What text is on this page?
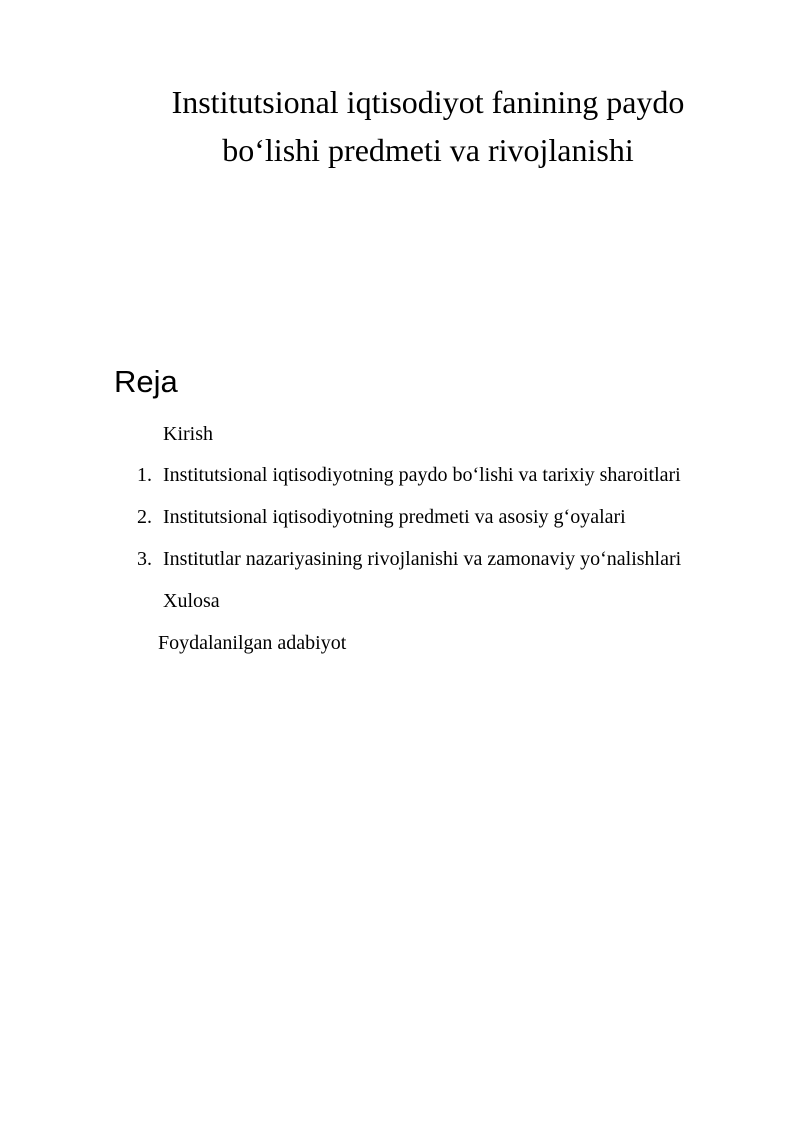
Institutsional iqtisodiyot fanining paydo
bo‘lishi predmeti va rivojlanishi
Reja
Kirish
1. Institutsional iqtisodiyotning paydo bo‘lishi va tarixiy sharoitlari
2. Institutsional iqtisodiyotning predmeti va asosiy g‘oyalari
3. Institutlar nazariyasining rivojlanishi va zamonaviy yo‘nalishlari
Xulosa
Foydalanilgan adabiyot
